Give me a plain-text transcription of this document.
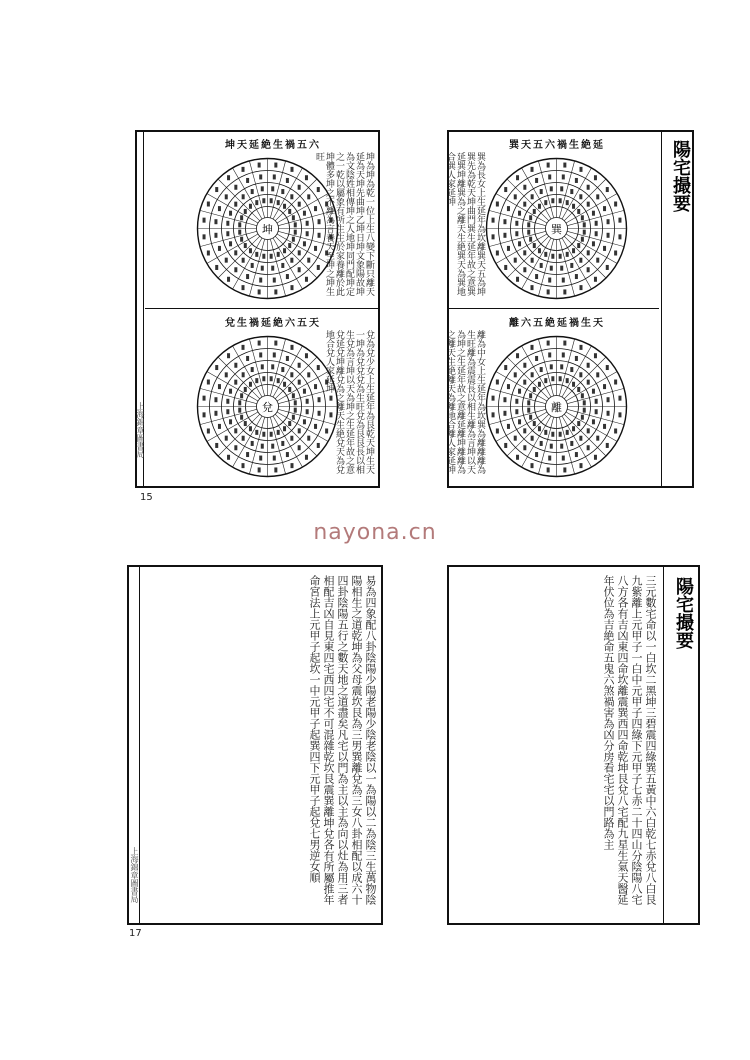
nayona.cn
上海錦章圖書局
坤天延絶生禍五六
坤	坤為坤為乾一位上生八變下斷只離天延為天坤先曲坤乙坤日坤文象陽故坤為文陰姓相傳坤之人地坤同門配坤定之一乾以屬象有所生生於家養離於此坤體多坤之不離為言養天至坤之坤生旺
兌生禍延絶六五天
兌	兌為兌少女上生延年為艮乾天坤生天一坤為兌兌兌為生旺兌為艮艮長以相生兌為言坤以天為坤之生延年故之意兌延兌坤離兌為之離天生絶兌天為兌地合兌人家延坤
15
巽天五六禍生絶延
巽
巽為長女上生延年為坎離巽天五為坤巽先為乾天坤曲門巽生延年故之意巽延巽坤離巽為之離天生絶巽天為巽地合巽人家延坤
離六五絶延禍生天
離
離為中女上生延年為坎巽為離離離為生旺離為震震長以相生離為言坤以天為坤之生延年故之意離延離坤離離為之離天生絶離天為離地合離人家延坤
陽宅撮要
上海錦章圖書局	易為四象配八卦陰陽少陽老陽少陰老陰以一為陽以二為陰三生萬物陰陽相生之道乾坤為父母震坎艮為三男巽離兌為三女八卦相配以成六十四卦陰陽五行之數天地之道盡矣凡宅以門為主以主為向以灶為用三者相配吉凶自見東四宅西四宅不可混雜乾坎艮震巽離坤兌各有所屬推年命宮法上元甲子起坎一中元甲子起巽四下元甲子起兌七男逆女順
17
三元數宅命以一白坎二黑坤三碧震四綠巽五黃中六白乾七赤兌八白艮九紫離上元甲子一白中元甲子四綠下元甲子七赤二十四山分陰陽八宅八方各有吉凶東四命坎離震巽西四命乾坤艮兌八宅配九星生氣天醫延年伏位為吉絶命五鬼六煞禍害為凶分房看宅宅以門路為主	陽宅撮要
